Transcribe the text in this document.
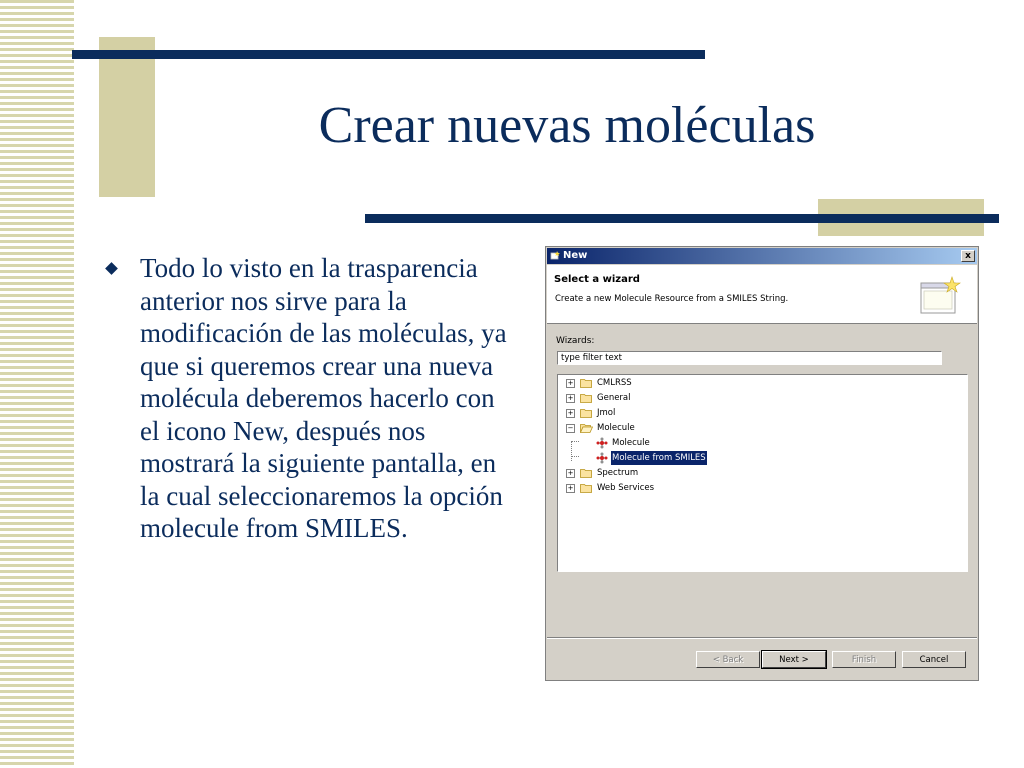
Crear nuevas moléculas
Todo lo visto en la trasparencia anterior nos sirve para la modificación de las moléculas, ya que si queremos crear una nueva molécula deberemos hacerlo con el icono New, después nos mostrará la siguiente pantalla, en la cual seleccionaremos la opción molecule from SMILES.
New	x
Select a wizard
Create a new Molecule Resource from a SMILES String.
Wizards:
type filter text
+	CMLRSS
+	General
+	Jmol
−	Molecule
Molecule
Molecule from SMILES
+	Spectrum
+	Web Services
< Back	Next >	Finish	Cancel
